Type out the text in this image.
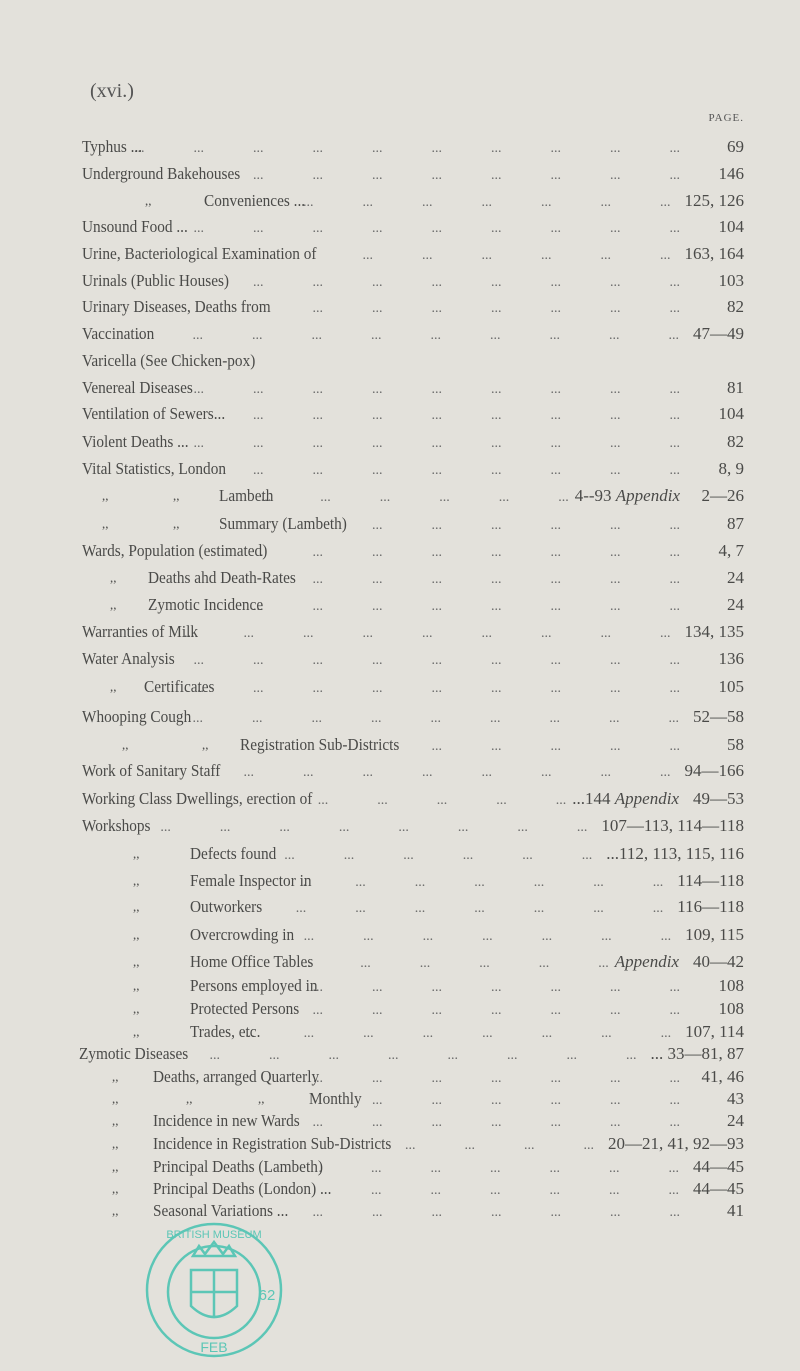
(xvi.)
PAGE.
Typhus ... ...	69
Underground Bakehouses ...	146
,,	Conveniences ... ...	125, 126
Unsound Food ... ...	104
Urine, Bacteriological Examination of ...	163, 164
Urinals (Public Houses) ...	103
Urinary Diseases, Deaths from ...	82
Vaccination ...	47—49
Varicella (See Chicken-pox)
Venereal Diseases ...	81
Ventilation of Sewers... ...	104
Violent Deaths ... ...	82
Vital Statistics, London ...	8, 9
,,	,, Lambeth ...	4--93 Appendix	2—26
,,	,, Summary (Lambeth) ...	87
Wards, Population (estimated) ...	4, 7
,, Deaths ahd Death-Rates ...	24
,, Zymotic Incidence ...	24
Warranties of Milk ...	134, 135
Water Analysis ...	136
,, Certificates ...	105
Whooping Cough ...	52—58
,,	,, Registration Sub-Districts ...	58
Work of Sanitary Staff ...	94—166
Working Class Dwellings, erection of ...	...144 Appendix 49—53
Workshops ...	107—113, 114—118
,,	Defects found ...	...112, 113, 115, 116
,,	Female Inspector in ...	114—118
,,	Outworkers ...	116—118
,,	Overcrowding in ...	109, 115
,,	Home Office Tables ...	Appendix 40—42
,,	Persons employed in ...	108
,,	Protected Persons ...	108
,,	Trades, etc. ...	107, 114
Zymotic Diseases ...	... 33—81, 87
,, Deaths, arranged Quarterly ...	41, 46
,,	,,	,,	Monthly ...	43
,, Incidence in new Wards ...	24
,, Incidence in Registration Sub-Districts ...	20—21, 41, 92—93
,, Principal Deaths (Lambeth) ...	44—45
,, Principal Deaths (London) ... ...	44—45
,, Seasonal Variations ... ...	41
BRITISH MUSEUM
62
FEB
